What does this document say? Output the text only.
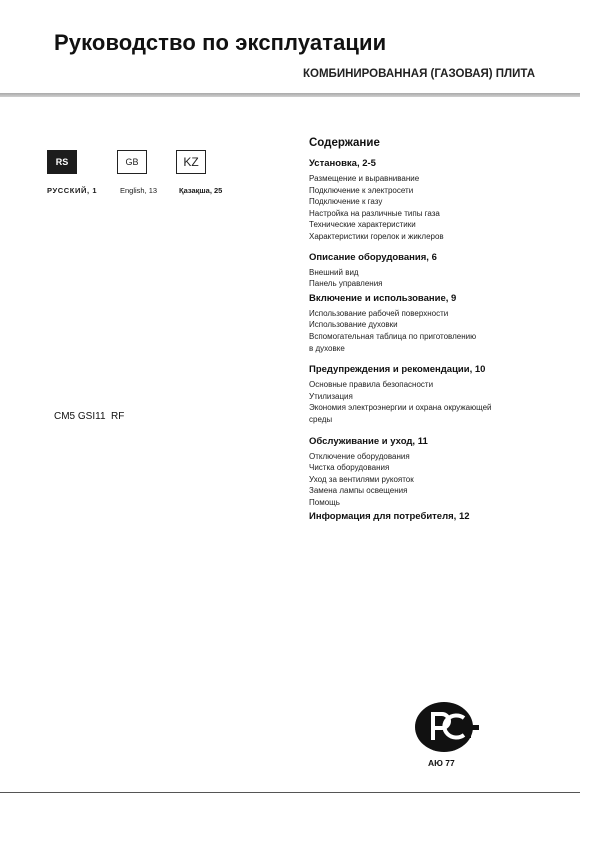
Руководство по эксплуатации
КОМБИНИРОВАННАЯ (ГАЗОВАЯ) ПЛИТА
RS	GB	KZ
РУССКИЙ, 1	English, 13	Қазақша, 25
CM5 GSI11  RF
Содержание
Установка, 2-5
Размещение и выравнивание
Подключение к электросети
Подключение к газу
Настройка на различные типы газа
Технические характеристики
Характеристики горелок и жиклеров
Описание оборудования, 6
Внешний вид
Панель управления
Включение и использование, 9
Использование рабочей поверхности
Использование духовки
Вспомогательная таблица по приготовлению
в духовке
Предупреждения и рекомендации, 10
Основные правила безопасности
Утилизация
Экономия электроэнергии и охрана окружающей
среды
Обслуживание и уход, 11
Отключение оборудования
Чистка оборудования
Уход за вентилями рукояток
Замена лампы освещения
Помощь
Информация для потребителя, 12
АЮ 77
